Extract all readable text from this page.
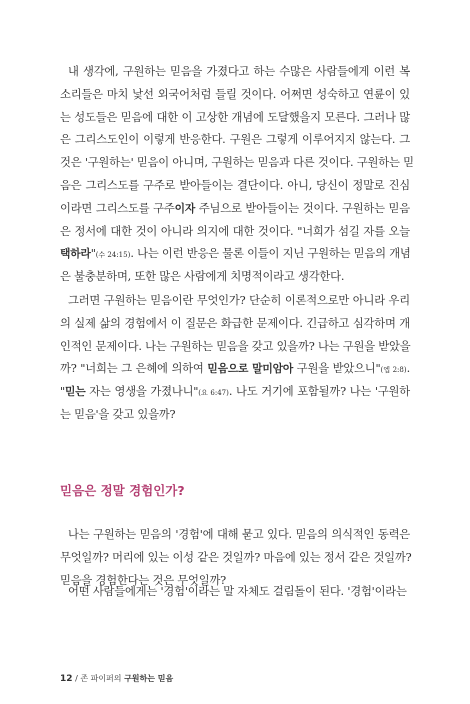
내 생각에, 구원하는 믿음을 가졌다고 하는 수많은 사람들에게 이런 복
소리들은 마치 낯선 외국어처럼 들릴 것이다. 어쩌면 성숙하고 연륜이 있
는 성도들은 믿음에 대한 이 고상한 개념에 도달했을지 모른다. 그러나 많
은 그리스도인이 이렇게 반응한다. 구원은 그렇게 이루어지지 않는다. 그
것은 '구원하는' 믿음이 아니며, 구원하는 믿음과 다른 것이다. 구원하는 믿
음은 그리스도를 구주로 받아들이는 결단이다. 아니, 당신이 정말로 진심
이라면 그리스도를 구주이자 주님으로 받아들이는 것이다. 구원하는 믿음
은 정서에 대한 것이 아니라 의지에 대한 것이다. "너희가 섬길 자를 오늘
택하라"(수 24:15). 나는 이런 반응은 물론 이들이 지닌 구원하는 믿음의 개념
은 불충분하며, 또한 많은 사람에게 치명적이라고 생각한다.
그러면 구원하는 믿음이란 무엇인가? 단순히 이론적으로만 아니라 우리
의 실제 삶의 경험에서 이 질문은 화급한 문제이다. 긴급하고 심각하며 개
인적인 문제이다. 나는 구원하는 믿음을 갖고 있을까? 나는 구원을 받았을
까? "너희는 그 은혜에 의하여 믿음으로 말미암아 구원을 받았으니"(엡 2:8).
"믿는 자는 영생을 가졌나니"(요 6:47). 나도 거기에 포함될까? 나는 '구원하
는 믿음'을 갖고 있을까?
나는 구원하는 믿음의 '경험'에 대해 묻고 있다. 믿음의 의식적인 동력은
무엇일까? 머리에 있는 이성 같은 것일까? 마음에 있는 정서 같은 것일까?
믿음을 경험한다는 것은 무엇일까?
어떤 사람들에게는 '경험'이라는 말 자체도 걸림돌이 된다. '경험'이라는
믿음은 정말 경험인가?
12 / 존 파이퍼의 구원하는 믿음
